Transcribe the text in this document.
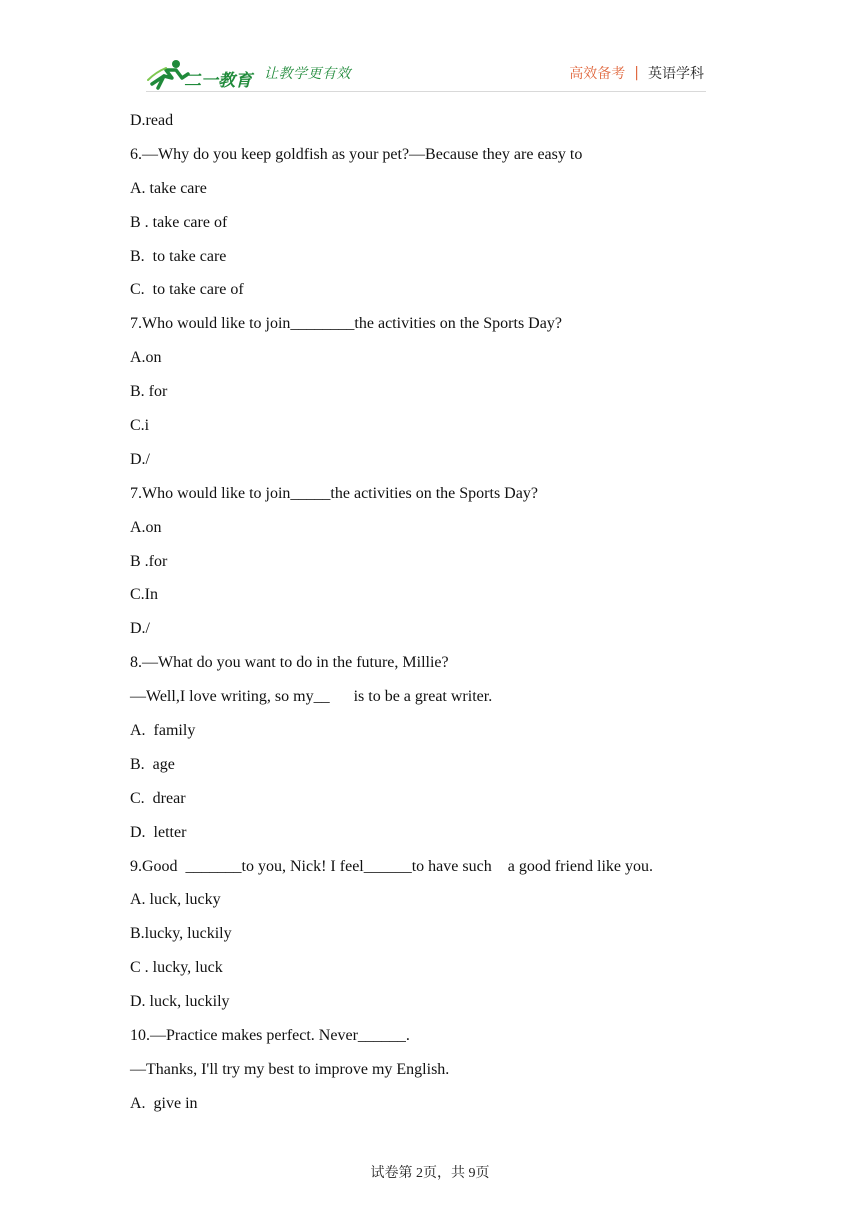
二一教育 让教学更有效	高效备考 | 英语学科
D.read
6.—Why do you keep goldfish as your pet?—Because they are easy to
A. take care
B . take care of
B.  to take care
C.  to take care of
7.Who would like to join________the activities on the Sports Day?
A.on
B. for
C.i
D./
7.Who would like to join_____the activities on the Sports Day?
A.on
B .for
C.In
D./
8.—What do you want to do in the future, Millie?
—Well,I love writing, so my__      is to be a great writer.
A.  family
B.  age
C.  drear
D.  letter
9.Good  _______to you, Nick! I feel______to have such    a good friend like you.
A. luck, lucky
B.lucky, luckily
C . lucky, luck
D. luck, luckily
10.—Practice makes perfect. Never______.
—Thanks, I'll try my best to improve my English.
A.  give in
试卷第 2页，共 9页
